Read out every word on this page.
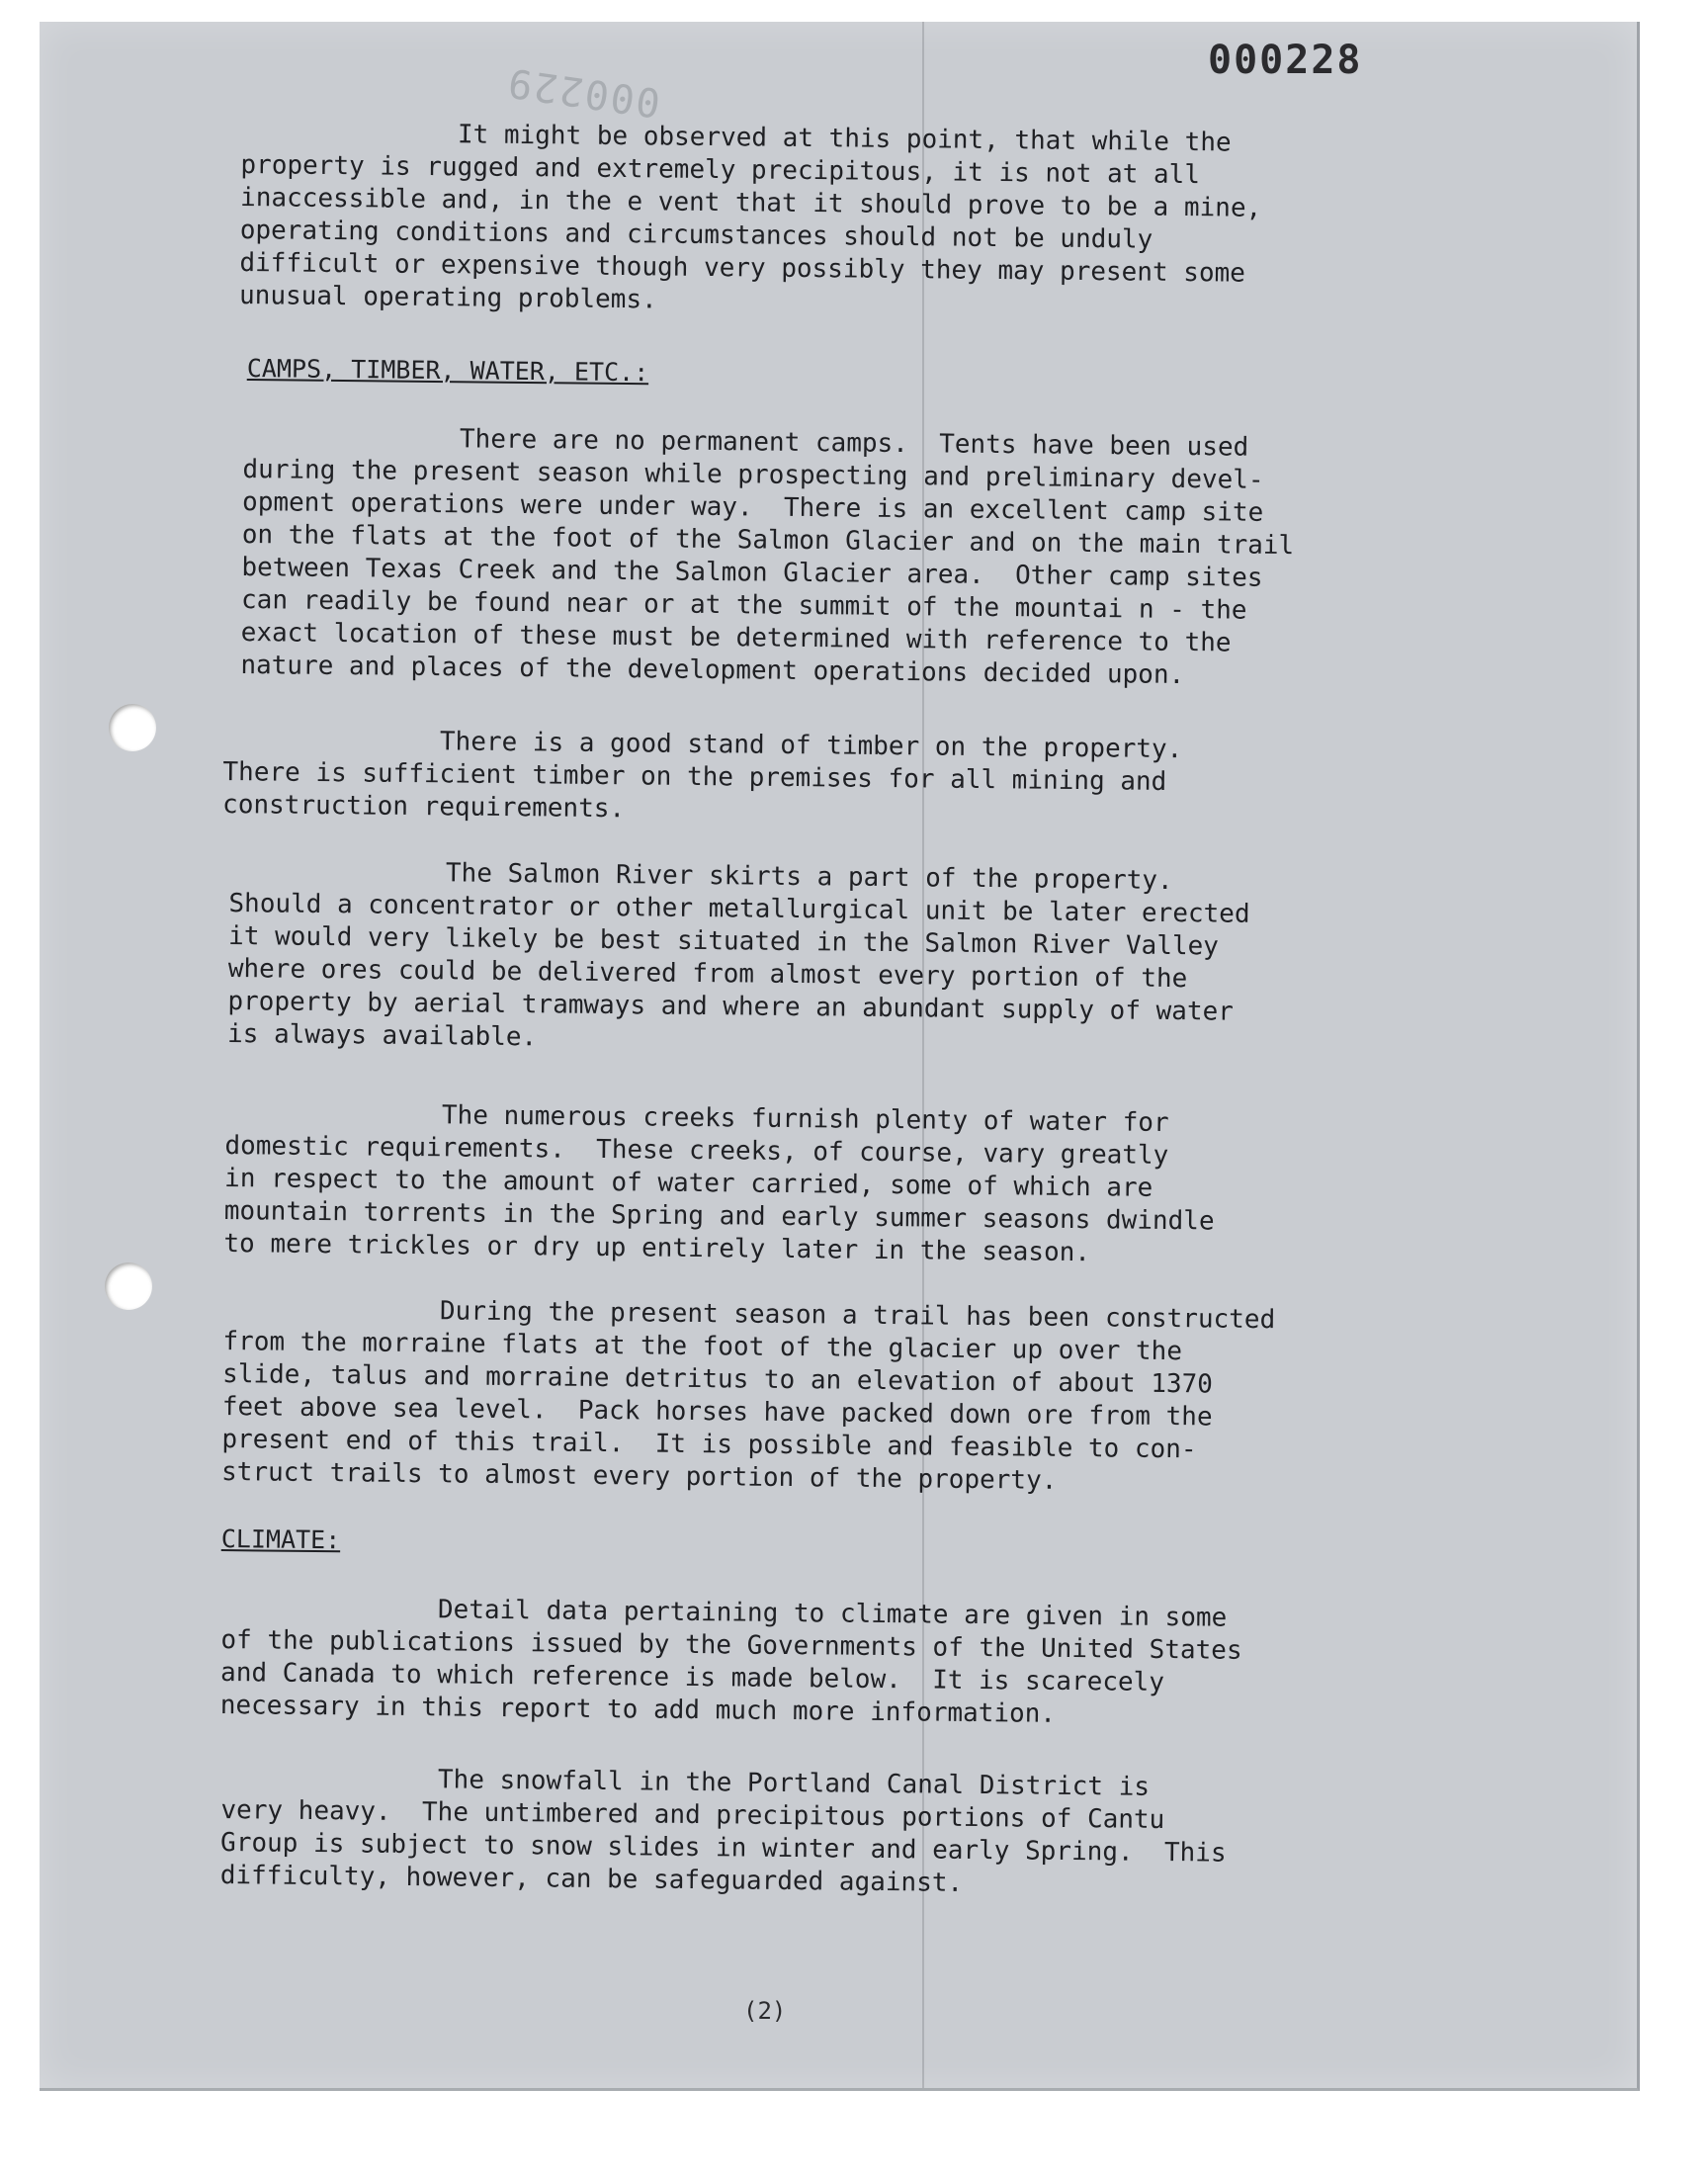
000229	000228
It might be observed at this point, that while the
property is rugged and extremely precipitous, it is not at all
inaccessible and, in the e vent that it should prove to be a mine,
operating conditions and circumstances should not be unduly
difficult or expensive though very possibly they may present some
unusual operating problems.
CAMPS, TIMBER, WATER, ETC.:
There are no permanent camps.  Tents have been used
during the present season while prospecting and preliminary devel-
opment operations were under way.  There is an excellent camp site
on the flats at the foot of the Salmon Glacier and on the main trail
between Texas Creek and the Salmon Glacier area.  Other camp sites
can readily be found near or at the summit of the mountai n - the
exact location of these must be determined with reference to the
nature and places of the development operations decided upon.
There is a good stand of timber on the property.
There is sufficient timber on the premises for all mining and
construction requirements.
The Salmon River skirts a part of the property.
Should a concentrator or other metallurgical unit be later erected
it would very likely be best situated in the Salmon River Valley
where ores could be delivered from almost every portion of the
property by aerial tramways and where an abundant supply of water
is always available.
The numerous creeks furnish plenty of water for
domestic requirements.  These creeks, of course, vary greatly
in respect to the amount of water carried, some of which are
mountain torrents in the Spring and early summer seasons dwindle
to mere trickles or dry up entirely later in the season.
During the present season a trail has been constructed
from the morraine flats at the foot of the glacier up over the
slide, talus and morraine detritus to an elevation of about 1370
feet above sea level.  Pack horses have packed down ore from the
present end of this trail.  It is possible and feasible to con-
struct trails to almost every portion of the property.
CLIMATE:
Detail data pertaining to climate are given in some
of the publications issued by the Governments of the United States
and Canada to which reference is made below.  It is scarecely
necessary in this report to add much more information.
The snowfall in the Portland Canal District is
very heavy.  The untimbered and precipitous portions of Cantu
Group is subject to snow slides in winter and early Spring.  This
difficulty, however, can be safeguarded against.
(2)
